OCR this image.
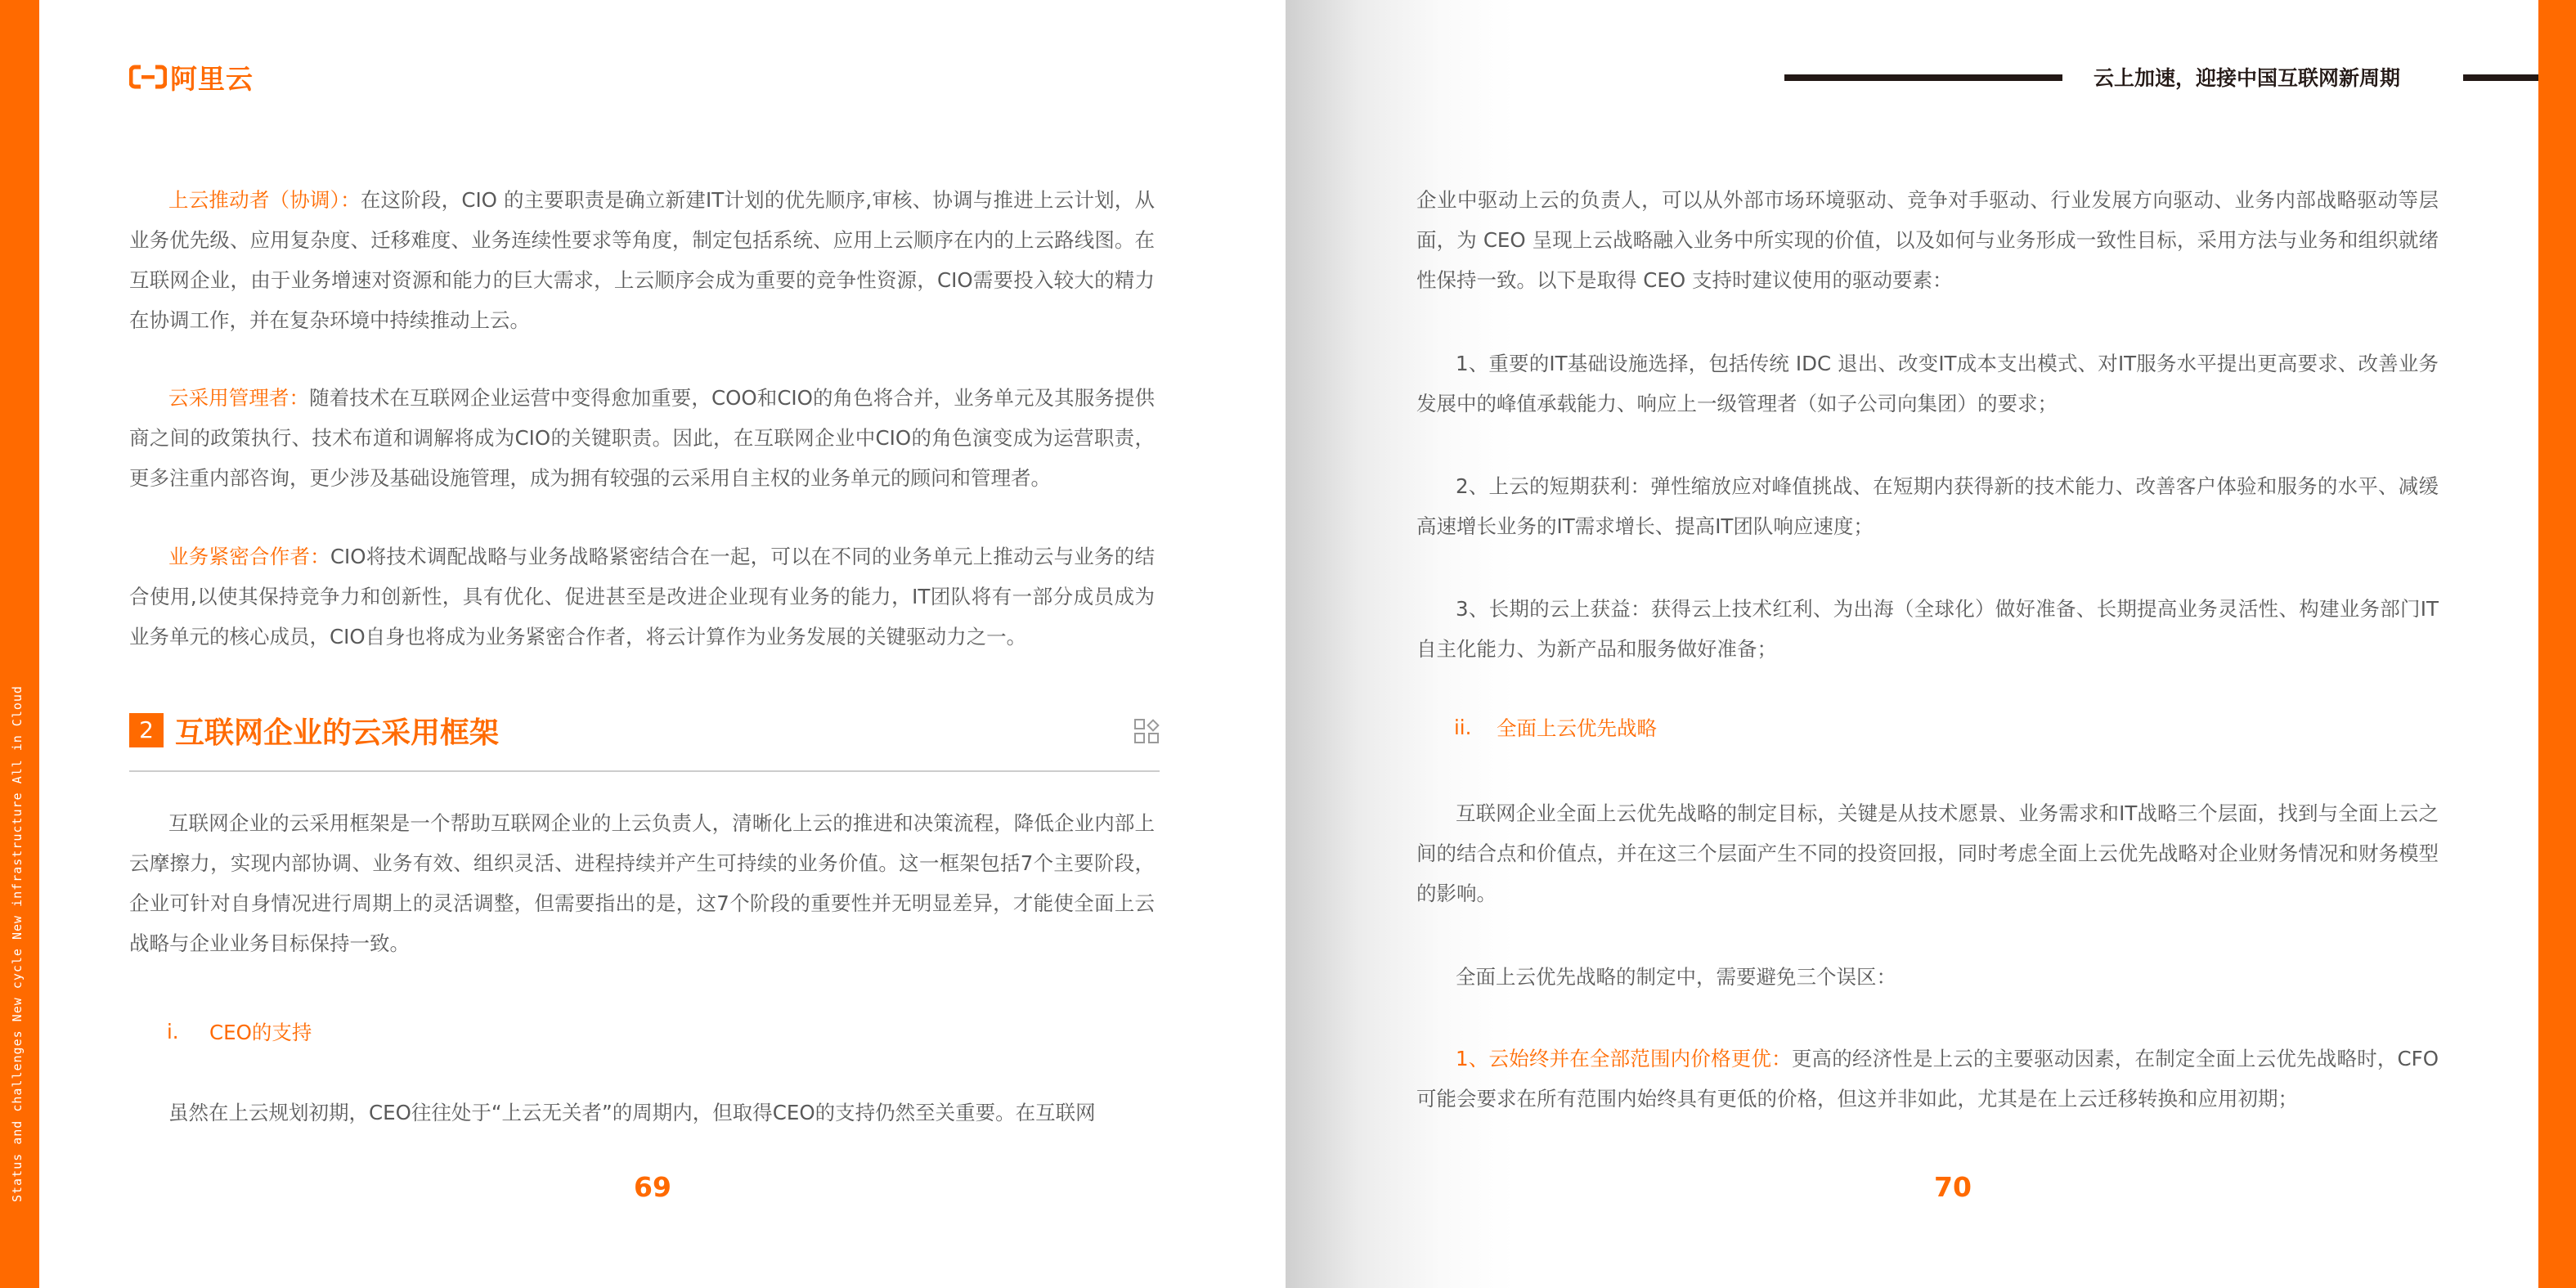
Status and challenges New cycle New infrastructure All in Cloud
阿里云

上云推动者（协调）：在这阶段，CIO 的主要职责是确立新建IT计划的优先顺序,审核、协调与推进上云计划，从业务优先级、应用复杂度、迁移难度、业务连续性要求等角度，制定包括系统、应用上云顺序在内的上云路线图。在互联网企业，由于业务增速对资源和能力的巨大需求，上云顺序会成为重要的竞争性资源，CIO需要投入较大的精力在协调工作，并在复杂环境中持续推动上云。

云采用管理者：随着技术在互联网企业运营中变得愈加重要，COO和CIO的角色将合并，业务单元及其服务提供商之间的政策执行、技术布道和调解将成为CIO的关键职责。因此，在互联网企业中CIO的角色演变成为运营职责，更多注重内部咨询，更少涉及基础设施管理，成为拥有较强的云采用自主权的业务单元的顾问和管理者。

业务紧密合作者：CIO将技术调配战略与业务战略紧密结合在一起，可以在不同的业务单元上推动云与业务的结合使用,以使其保持竞争力和创新性，具有优化、促进甚至是改进企业现有业务的能力，IT团队将有一部分成员成为业务单元的核心成员，CIO自身也将成为业务紧密合作者，将云计算作为业务发展的关键驱动力之一。

2 互联网企业的云采用框架

互联网企业的云采用框架是一个帮助互联网企业的上云负责人，清晰化上云的推进和决策流程，降低企业内部上云摩擦力，实现内部协调、业务有效、组织灵活、进程持续并产生可持续的业务价值。这一框架包括7个主要阶段，企业可针对自身情况进行周期上的灵活调整，但需要指出的是，这7个阶段的重要性并无明显差异，才能使全面上云战略与企业业务目标保持一致。

i.	CEO的支持

虽然在上云规划初期，CEO往往处于“上云无关者”的周期内，但取得CEO的支持仍然至关重要。在互联网

69
云上加速，迎接中国互联网新周期

企业中驱动上云的负责人，可以从外部市场环境驱动、竞争对手驱动、行业发展方向驱动、业务内部战略驱动等层面，为 CEO 呈现上云战略融入业务中所实现的价值，以及如何与业务形成一致性目标，采用方法与业务和组织就绪性保持一致。以下是取得 CEO 支持时建议使用的驱动要素：

1、重要的IT基础设施选择，包括传统 IDC 退出、改变IT成本支出模式、对IT服务水平提出更高要求、改善业务发展中的峰值承载能力、响应上一级管理者（如子公司向集团）的要求；

2、上云的短期获利：弹性缩放应对峰值挑战、在短期内获得新的技术能力、改善客户体验和服务的水平、减缓高速增长业务的IT需求增长、提高IT团队响应速度；

3、长期的云上获益：获得云上技术红利、为出海（全球化）做好准备、长期提高业务灵活性、构建业务部门IT自主化能力、为新产品和服务做好准备；

ii.	全面上云优先战略

互联网企业全面上云优先战略的制定目标，关键是从技术愿景、业务需求和IT战略三个层面，找到与全面上云之间的结合点和价值点，并在这三个层面产生不同的投资回报，同时考虑全面上云优先战略对企业财务情况和财务模型的影响。

全面上云优先战略的制定中，需要避免三个误区：

1、云始终并在全部范围内价格更优：更高的经济性是上云的主要驱动因素，在制定全面上云优先战略时，CFO 可能会要求在所有范围内始终具有更低的价格，但这并非如此，尤其是在上云迁移转换和应用初期；

70
